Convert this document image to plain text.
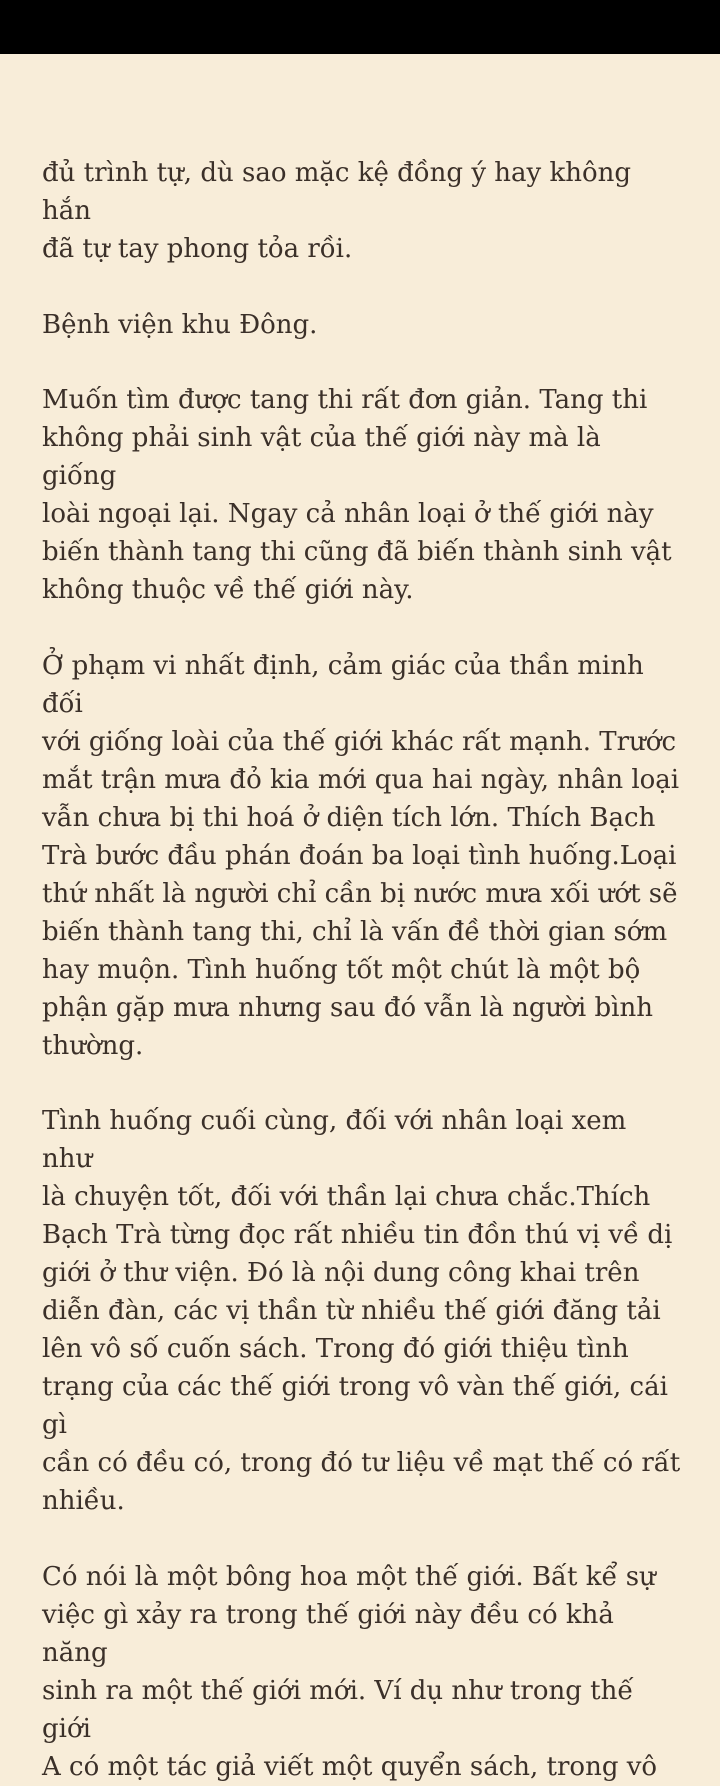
đủ trình tự, dù sao mặc kệ đồng ý hay không hắn
đã tự tay phong tỏa rồi.

Bệnh viện khu Đông.

Muốn tìm được tang thi rất đơn giản. Tang thi
không phải sinh vật của thế giới này mà là giống
loài ngoại lại. Ngay cả nhân loại ở thế giới này
biến thành tang thi cũng đã biến thành sinh vật
không thuộc về thế giới này.

Ở phạm vi nhất định, cảm giác của thần minh đối
với giống loài của thế giới khác rất mạnh. Trước
mắt trận mưa đỏ kia mới qua hai ngày, nhân loại
vẫn chưa bị thi hoá ở diện tích lớn. Thích Bạch
Trà bước đầu phán đoán ba loại tình huống.Loại
thứ nhất là người chỉ cần bị nước mưa xối ướt sẽ
biến thành tang thi, chỉ là vấn đề thời gian sớm
hay muộn. Tình huống tốt một chút là một bộ
phận gặp mưa nhưng sau đó vẫn là người bình
thường.

Tình huống cuối cùng, đối với nhân loại xem như
là chuyện tốt, đối với thần lại chưa chắc.Thích
Bạch Trà từng đọc rất nhiều tin đồn thú vị về dị
giới ở thư viện. Đó là nội dung công khai trên
diễn đàn, các vị thần từ nhiều thế giới đăng tải
lên vô số cuốn sách. Trong đó giới thiệu tình
trạng của các thế giới trong vô vàn thế giới, cái gì
cần có đều có, trong đó tư liệu về mạt thế có rất
nhiều.

Có nói là một bông hoa một thế giới. Bất kể sự
việc gì xảy ra trong thế giới này đều có khả năng
sinh ra một thế giới mới. Ví dụ như trong thế giới
A có một tác giả viết một quyển sách, trong vô
